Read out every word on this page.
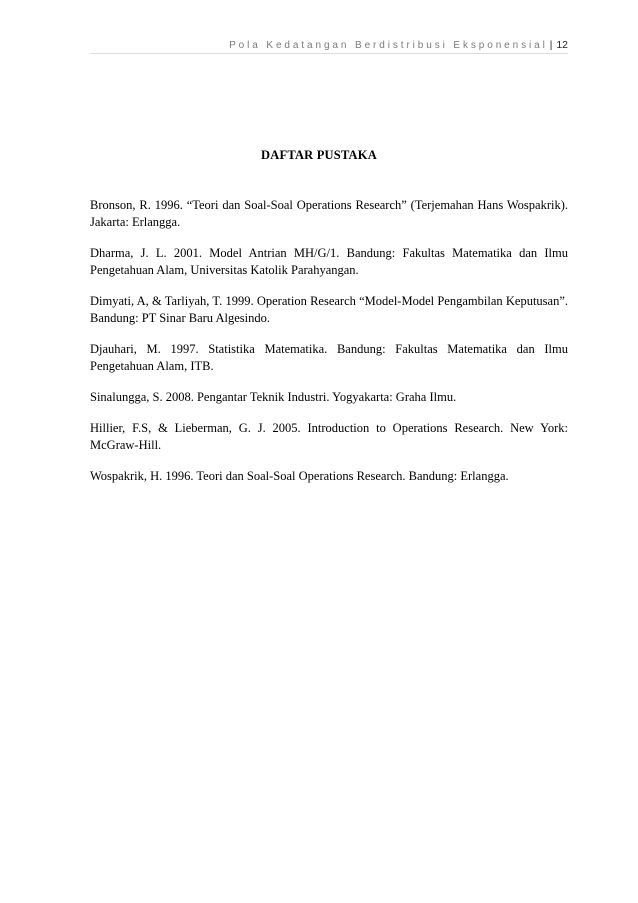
Pola Kedatangan Berdistribusi Eksponensial | 12
DAFTAR PUSTAKA
Bronson, R. 1996. “Teori dan Soal-Soal Operations Research” (Terjemahan Hans Wospakrik). Jakarta: Erlangga.
Dharma, J. L. 2001. Model Antrian MH/G/1. Bandung: Fakultas Matematika dan Ilmu Pengetahuan Alam, Universitas Katolik Parahyangan.
Dimyati, A, & Tarliyah, T. 1999. Operation Research “Model-Model Pengambilan Keputusan”. Bandung: PT Sinar Baru Algesindo.
Djauhari, M. 1997. Statistika Matematika. Bandung: Fakultas Matematika dan Ilmu Pengetahuan Alam, ITB.
Sinalungga, S. 2008. Pengantar Teknik Industri. Yogyakarta: Graha Ilmu.
Hillier, F.S, & Lieberman, G. J. 2005. Introduction to Operations Research. New York: McGraw-Hill.
Wospakrik, H. 1996. Teori dan Soal-Soal Operations Research. Bandung: Erlangga.
